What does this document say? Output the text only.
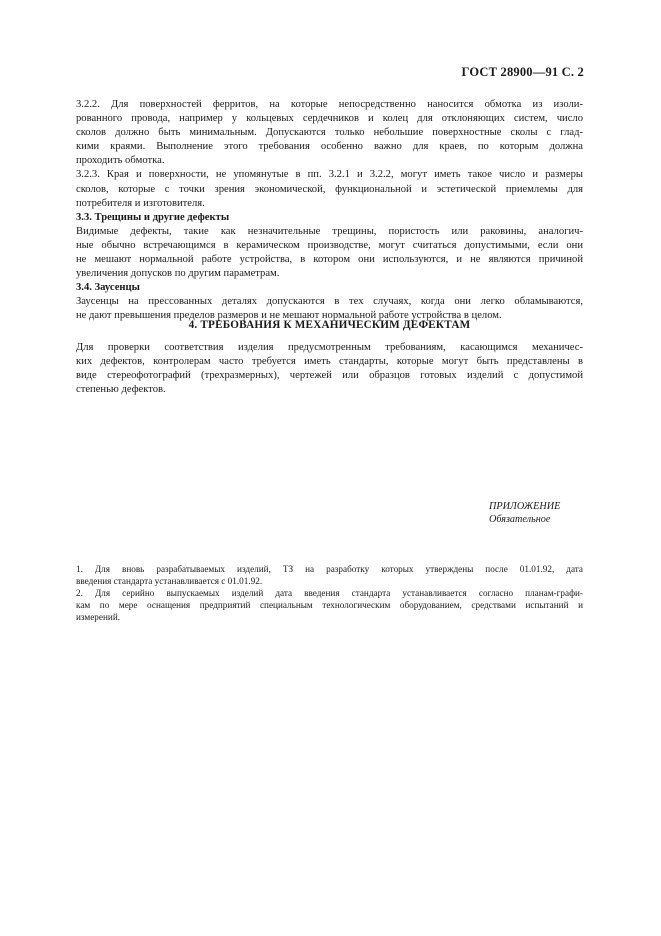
ГОСТ 28900—91 С. 2
3.2.2. Для поверхностей ферритов, на которые непосредственно наносится обмотка из изоли-
рованного провода, например у кольцевых сердечников и колец для отклоняющих систем, число
сколов должно быть минимальным. Допускаются только небольшие поверхностные сколы с глад-
кими краями. Выполнение этого требования особенно важно для краев, по которым должна
проходить обмотка.
3.2.3. Края и поверхности, не упомянутые в пп. 3.2.1 и 3.2.2, могут иметь такое число и размеры
сколов, которые с точки зрения экономической, функциональной и эстетической приемлемы для
потребителя и изготовителя.
3.3. Трещины и другие дефекты
Видимые дефекты, такие как незначительные трещины, пористость или раковины, аналогич-
ные обычно встречающимся в керамическом производстве, могут считаться допустимыми, если они
не мешают нормальной работе устройства, в котором они используются, и не являются причиной
увеличения допусков по другим параметрам.
3.4. Заусенцы
Заусенцы на прессованных деталях допускаются в тех случаях, когда они легко обламываются,
не дают превышения пределов размеров и не мешают нормальной работе устройства в целом.
4. ТРЕБОВАНИЯ К МЕХАНИЧЕСКИМ ДЕФЕКТАМ
Для проверки соответствия изделия предусмотренным требованиям, касающимся механичес-
ких дефектов, контролерам часто требуется иметь стандарты, которые могут быть представлены в
виде стереофотографий (трехразмерных), чертежей или образцов готовых изделий с допустимой
степенью дефектов.
ПРИЛОЖЕНИЕ
Обязательное
1. Для вновь разрабатываемых изделий, ТЗ на разработку которых утверждены после 01.01.92, дата
введения стандарта устанавливается с 01.01.92.
2. Для серийно выпускаемых изделий дата введения стандарта устанавливается согласно планам-графи-
кам по мере оснащения предприятий специальным технологическим оборудованием, средствами испытаний и
измерений.
